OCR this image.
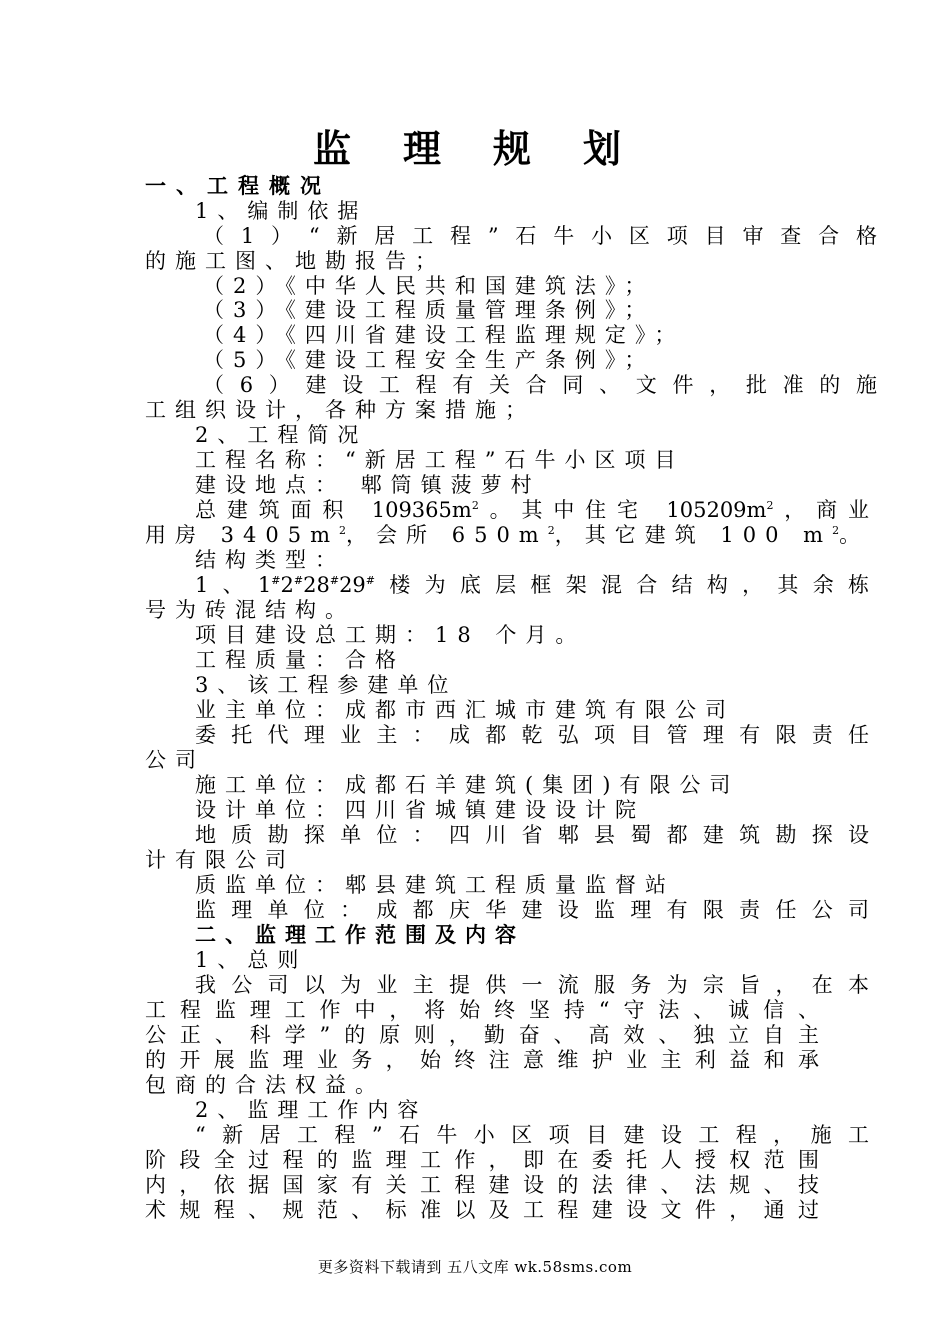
监理规划
一、工程概况
1、编制依据
（1）“新居工程”石牛小区项目审查合格
的施工图、地勘报告；
（2）《中华人民共和国建筑法》；
（3）《建设工程质量管理条例》；
（4）《四川省建设工程监理规定》；
（5）《建设工程安全生产条例》；
（6）建设工程有关合同、文件，批准的施
工组织设计，各种方案措施；
2、工程简况
工程名称：“新居工程”石牛小区项目
建设地点： 郫筒镇菠萝村
总建筑面积 $109365m^2$。其中住宅 $105209m^2$，商业
用房 $3405m^2$，会所 $650m^2$，其它建筑 100 $m^2$。
结构类型：
1、1#2#28#29#楼为底层框架混合结构，其余栋
号为砖混结构。
项目建设总工期：18 个月。
工程质量：合格
3、该工程参建单位
业主单位：成都市西汇城市建筑有限公司
委托代理业主：成都乾弘项目管理有限责任
公司
施工单位：成都石羊建筑(集团)有限公司
设计单位：四川省城镇建设设计院
地质勘探单位：四川省郫县蜀都建筑勘探设
计有限公司
质监单位：郫县建筑工程质量监督站
监理单位：成都庆华建设监理有限责任公司
二、监理工作范围及内容
1、总则
我公司以为业主提供一流服务为宗旨，在本
工程监理工作中，将始终坚持“守法、诚信、
公正、科学”的原则，勤奋、高效、独立自主
的开展监理业务，始终注意维护业主利益和承
包商的合法权益。
2、监理工作内容
“新居工程”石牛小区项目建设工程，施工
阶段全过程的监理工作，即在委托人授权范围
内，依据国家有关工程建设的法律、法规、技
术规程、规范、标准以及工程建设文件，通过
更多资料下载请到 五八文库 wk.58sms.com
